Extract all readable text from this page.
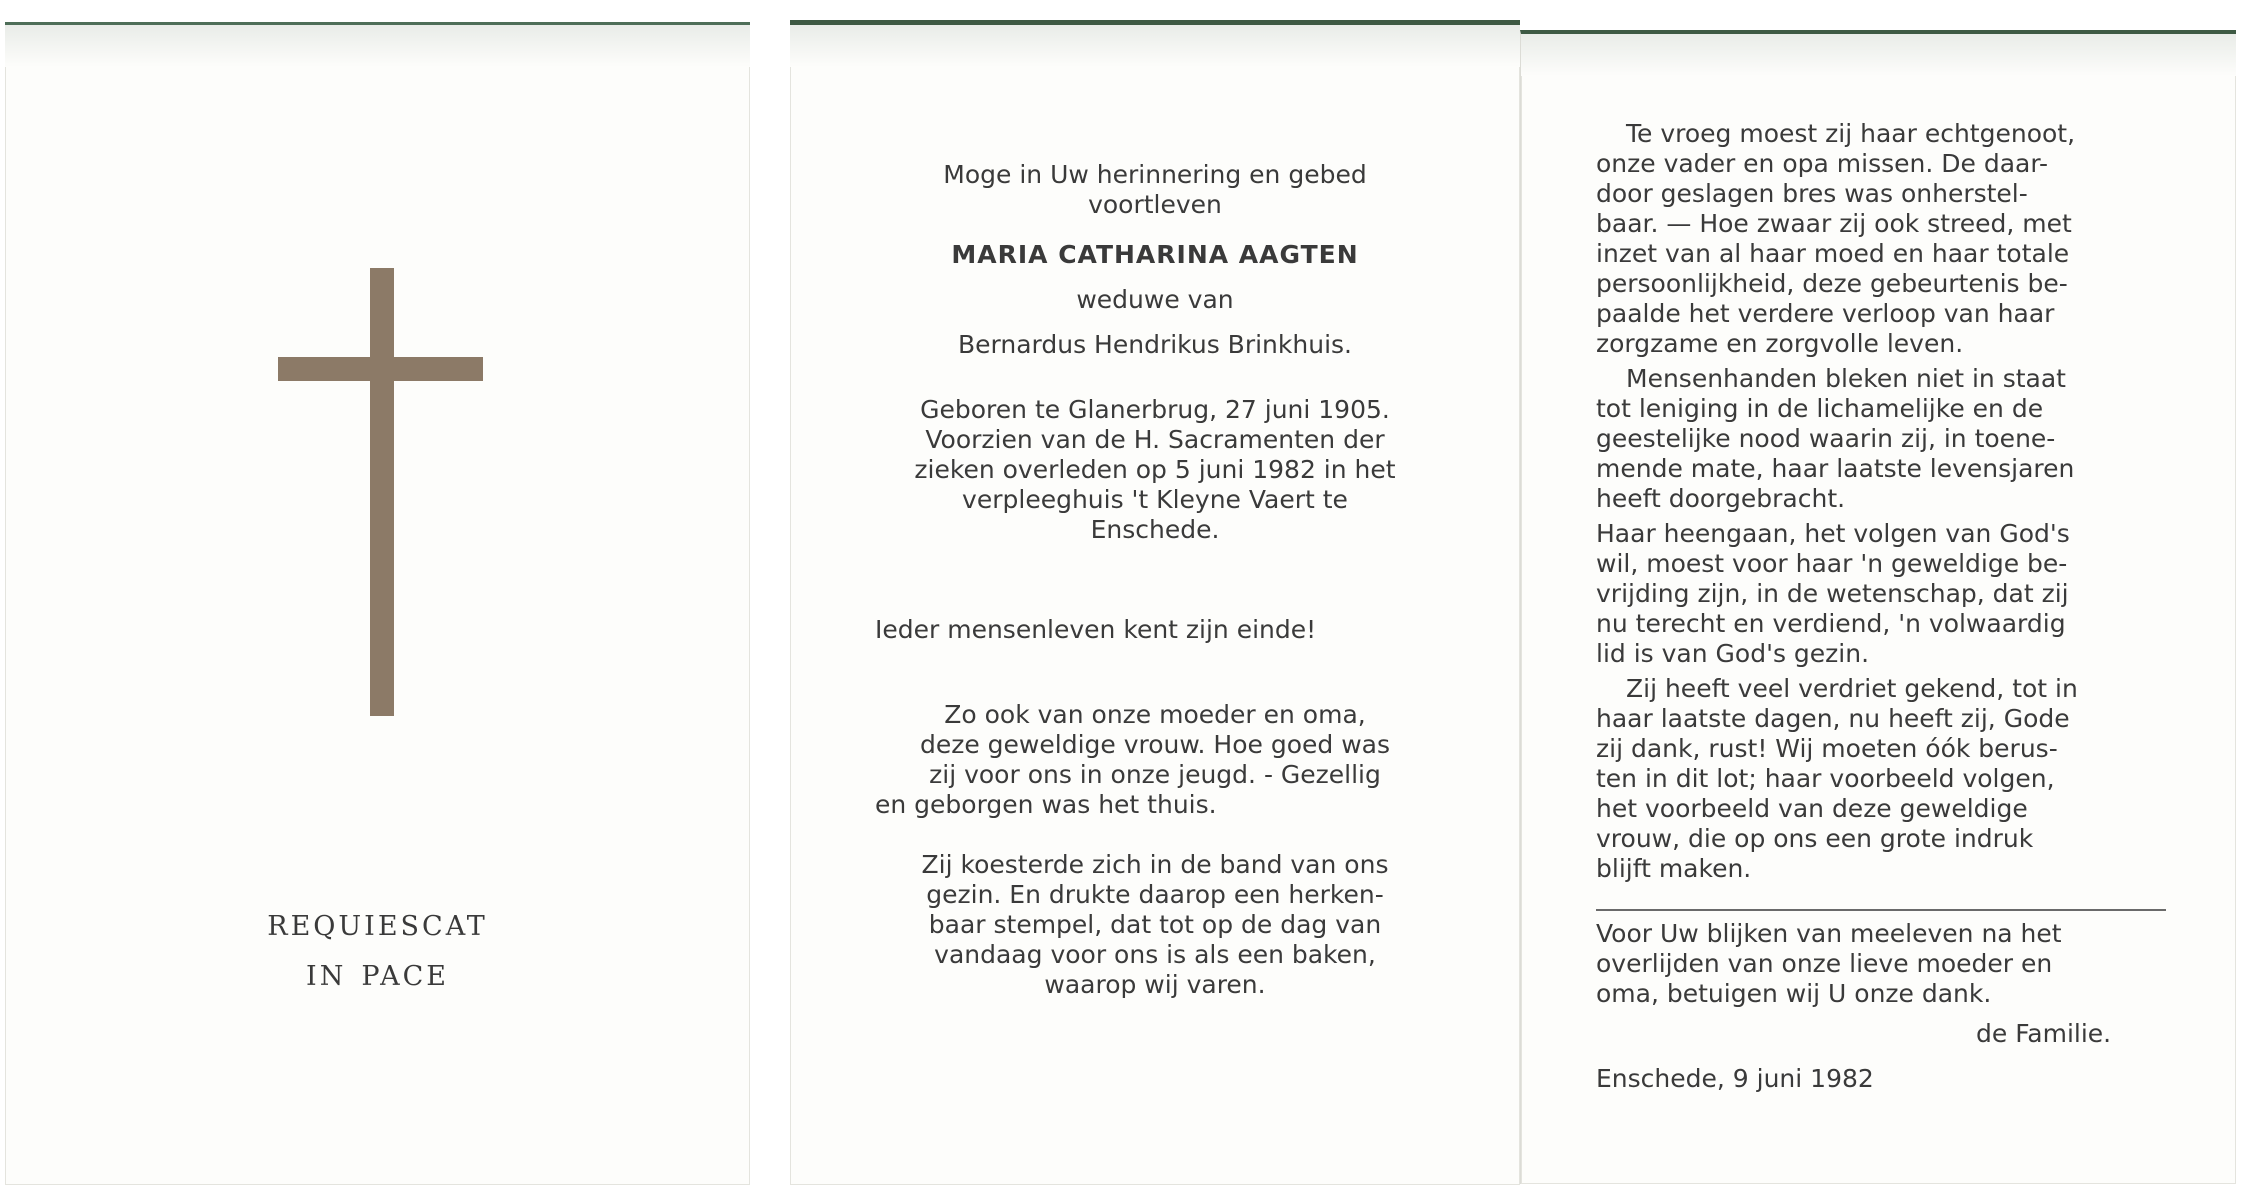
requiescat
in pace
Moge in Uw herinnering en gebed
voortleven
MARIA CATHARINA AAGTEN
weduwe van
Bernardus Hendrikus Brinkhuis.
Geboren te Glanerbrug, 27 juni 1905.
Voorzien van de H. Sacramenten der
zieken overleden op 5 juni 1982 in het
verpleeghuis 't Kleyne Vaert te
Enschede.
Ieder mensenleven kent zijn einde!
Zo ook van onze moeder en oma,
deze geweldige vrouw. Hoe goed was
zij voor ons in onze jeugd. - Gezellig
en geborgen was het thuis.
Zij koesterde zich in de band van ons
gezin. En drukte daarop een herken-
baar stempel, dat tot op de dag van
vandaag voor ons is als een baken,
waarop wij varen.
Te vroeg moest zij haar echtgenoot,
onze vader en opa missen. De daar-
door geslagen bres was onherstel-
baar. — Hoe zwaar zij ook streed, met
inzet van al haar moed en haar totale
persoonlijkheid, deze gebeurtenis be-
paalde het verdere verloop van haar
zorgzame en zorgvolle leven.
Mensenhanden bleken niet in staat
tot leniging in de lichamelijke en de
geestelijke nood waarin zij, in toene-
mende mate, haar laatste levensjaren
heeft doorgebracht.
Haar heengaan, het volgen van God's
wil, moest voor haar 'n geweldige be-
vrijding zijn, in de wetenschap, dat zij
nu terecht en verdiend, 'n volwaardig
lid is van God's gezin.
Zij heeft veel verdriet gekend, tot in
haar laatste dagen, nu heeft zij, Gode
zij dank, rust! Wij moeten óók berus-
ten in dit lot; haar voorbeeld volgen,
het voorbeeld van deze geweldige
vrouw, die op ons een grote indruk
blijft maken.
Voor Uw blijken van meeleven na het
overlijden van onze lieve moeder en
oma, betuigen wij U onze dank.
de Familie.
Enschede, 9 juni 1982
